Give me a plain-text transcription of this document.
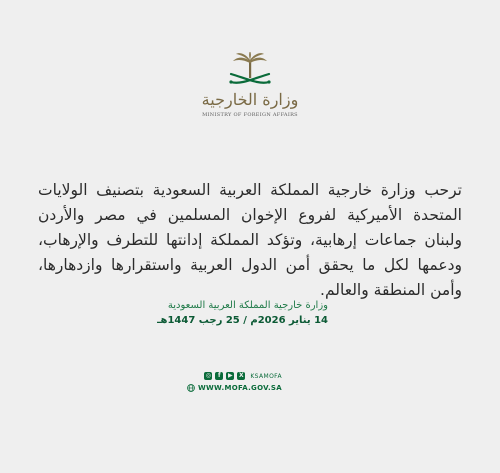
وزارة الخارجية
MINISTRY OF FOREIGN AFFAIRS

ترحب وزارة خارجية المملكة العربية السعودية بتصنيف الولايات المتحدة الأميركية لفروع الإخوان المسلمين في مصر والأردن ولبنان جماعات إرهابية، وتؤكد المملكة إدانتها للتطرف والإرهاب، ودعمها لكل ما يحقق أمن الدول العربية واستقرارها وازدهارها، وأمن المنطقة والعالم.

وزارة خارجية المملكة العربية السعودية
14 يناير 2026م / 25 رجب 1447هـ
◎	f	▶ X KSAMOFA
WWW.MOFA.GOV.SA
